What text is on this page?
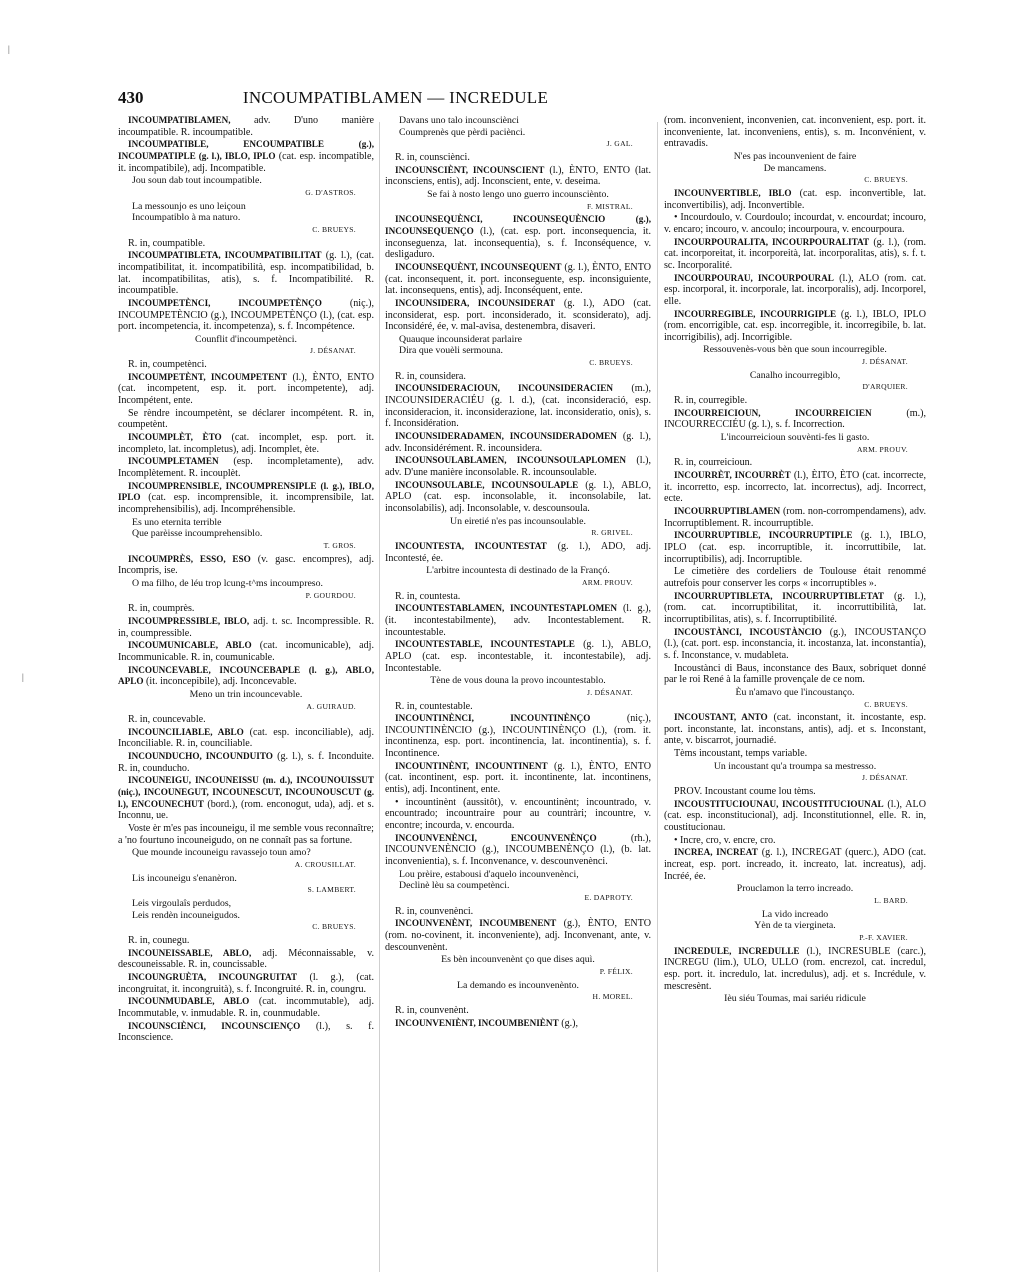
430	INCOUMPATIBLAMEN — INCREDULE
INCOUMPATIBLAMEN, adv. D'uno manière incoumpatible. R. incoumpatible.
INCOUMPATIBLE, ENCOUMPATIBLE (g.), INCOUMPATIPLE (g. l.), IBLO, IPLO (cat. esp. incompatible, it. incompatibile), adj. Incompatible.
Jou soun dab tout incoumpatible.
G. D'ASTROS.
La messounjo es uno leiçoun
Incoumpatiblo à ma naturo.
C. BRUEYS.
R. in, coumpatible.
INCOUMPATIBLETA, INCOUMPATIBILITAT (g. l.), (cat. incompatibilitat, it. incompatibilità, esp. incompatibilidad, b. lat. incompatibilitas, atis), s. f. Incompatibilité. R. incoumpatible.
INCOUMPETÈNCI, INCOUMPETÈNÇO (niç.), INCOUMPETÈNCIO (g.), INCOUMPETÈNÇO (l.), (cat. esp. port. incompetencia, it. incompetenza), s. f. Incompétence.
Counflit d'incoumpetènci.
J. DÉSANAT.
R. in, coumpetènci.
INCOUMPETÈNT, INCOUMPETENT (l.), ÈNTO, ENTO (cat. incompetent, esp. it. port. incompetente), adj. Incompétent, ente.
Se rèndre incoumpetènt, se déclarer incompétent. R. in, coumpetènt.
INCOUMPLÈT, ÈTO (cat. incomplet, esp. port. it. incompleto, lat. incompletus), adj. Incomplet, ète.
INCOUMPLETAMEN (esp. incompletamente), adv. Incomplètement. R. incouplèt.
INCOUMPRENSIBLE, INCOUMPRENSIPLE (l. g.), IBLO, IPLO (cat. esp. incomprensible, it. incomprensibile, lat. incomprehensibilis), adj. Incompréhensible.
Es uno eternita terrible
Que parèisse incoumprehensiblo.
T. GROS.
INCOUMPRÈS, ESSO, ESO (v. gasc. encompres), adj. Incompris, ise.
O ma filho, de léu trop lcung-t^ms incoumpreso.
P. GOURDOU.
R. in, coumprès.
INCOUMPRESSIBLE, IBLO, adj. t. sc. Incompressible. R. in, coumpressible.
INCOUMUNICABLE, ABLO (cat. incomunicable), adj. Incommunicable. R. in, coumunicable.
INCOUNCEVABLE, INCOUNCEBAPLE (l. g.), ABLO, APLO (it. inconcepibile), adj. Inconcevable.
Meno un trin incouncevable.
A. GUIRAUD.
R. in, councevable.
INCOUNCILIABLE, ABLO (cat. esp. inconciliable), adj. Inconciliable. R. in, counciliable.
INCOUNDUCHO, INCOUNDUITO (g. l.), s. f. Inconduite. R. in, counducho.
INCOUNEIGU, INCOUNEISSU (m. d.), INCOUNOUISSUT (niç.), INCOUNEGUT, INCOUNESCUT, INCOUNOUSCUT (g. l.), ENCOUNECHUT (bord.), (rom. enconogut, uda), adj. et s. Inconnu, ue.
Voste èr m'es pas incouneigu, il me semble vous reconnaître; a 'no fourtuno incouneigudo, on ne connaît pas sa fortune.
Que mounde incouneigu ravassejo toun amo?
A. CROUSILLAT.
Lis incouneigu s'enanèron.
S. LAMBERT.
Leis virgoulaîs perdudos,
Leis rendèn incouneigudos.
C. BRUEYS.
R. in, counegu.
INCOUNEISSABLE, ABLO, adj. Méconnaissable, v. descouneissable. R. in, councissable.
INCOUNGRUÈTA, INCOUNGRUITAT (l. g.), (cat. incongruitat, it. incongruità), s. f. Incongruité. R. in, coungru.
INCOUNMUDABLE, ABLO (cat. incommutable), adj. Incommutable, v. inmudable. R. in, counmudable.
INCOUNSCIÈNCI, INCOUNSCIENÇO (l.), s. f. Inconscience.
Davans uno talo incounsciènci
Coumprenès que pèrdi paciènci.
J. GAL.
R. in, counsciènci.
INCOUNSCIÈNT, INCOUNSCIENT (l.), ÈNTO, ENTO (lat. inconsciens, entis), adj. Inconscient, ente, v. deseima.
Se fai à nosto lengo uno guerro incounsciènto.
F. MISTRAL.
INCOUNSEQUÈNCI, INCOUNSEQUÈNCIO (g.), INCOUNSEQUENÇO (l.), (cat. esp. port. inconsequencia, it. inconseguenza, lat. inconsequentia), s. f. Inconséquence, v. desligaduro.
INCOUNSEQUÈNT, INCOUNSEQUENT (g. l.), ÈNTO, ENTO (cat. inconsequent, it. port. inconseguente, esp. inconsiguiente, lat. inconsequens, entis), adj. Inconséquent, ente.
INCOUNSIDERA, INCOUNSIDERAT (g. l.), ADO (cat. inconsiderat, esp. port. inconsiderado, it. sconsiderato), adj. Inconsidéré, ée, v. mal-avisa, destenembra, disaveri.
Quauque incounsiderat parlaire
Dira que vouèli sermouna.
C. BRUEYS.
R. in, counsidera.
INCOUNSIDERACIOUN, INCOUNSIDERACIEN (m.), INCOUNSIDERACIÉU (g. l. d.), (cat. inconsideració, esp. inconsideracion, it. inconsiderazione, lat. inconsideratio, onis), s. f. Inconsidération.
INCOUNSIDERADAMEN, INCOUNSIDERADOMEN (g. l.), adv. Inconsidérément. R. incounsidera.
INCOUNSOULABLAMEN, INCOUNSOULAPLOMEN (l.), adv. D'une manière inconsolable. R. incounsoulable.
INCOUNSOULABLE, INCOUNSOULAPLE (g. l.), ABLO, APLO (cat. esp. inconsolable, it. inconsolabile, lat. inconsolabilis), adj. Inconsolable, v. descounsoula.
Un eiretié n'es pas incounsoulable.
R. GRIVEL.
INCOUNTESTA, INCOUNTESTAT (g. l.), ADO, adj. Incontesté, ée.
L'arbitre incountesta di destinado de la Françó.
ARM. PROUV.
R. in, countesta.
INCOUNTESTABLAMEN, INCOUNTESTAPLOMEN (l. g.), (it. incontestabilmente), adv. Incontestablement. R. incountestable.
INCOUNTESTABLE, INCOUNTESTAPLE (g. l.), ABLO, APLO (cat. esp. incontestable, it. incontestabile), adj. Incontestable.
Tène de vous douna la provo incountestablo.
J. DÉSANAT.
R. in, countestable.
INCOUNTINÈNCI, INCOUNTINÈNÇO (niç.), INCOUNTINÈNCIO (g.), INCOUNTINÈNÇO (l.), (rom. it. incontinenza, esp. port. incontinencia, lat. incontinentia), s. f. Incontinence.
INCOUNTINÈNT, INCOUNTINENT (g. l.), ÈNTO, ENTO (cat. incontinent, esp. port. it. incontinente, lat. incontinens, entis), adj. Incontinent, ente.
• incountinènt (aussitôt), v. encountinènt; incountrado, v. encountrado; incountraire pour au countràri; incountre, v. encontre; incourda, v. encourda.
INCOUNVENÈNCI, ENCOUNVENÈNÇO (rh.), INCOUNVENÈNCIO (g.), INCOUMBENÈNÇO (l.), (b. lat. inconvenientia), s. f. Inconvenance, v. descounvenènci.
Lou prèire, estabousi d'aquelo incounvenènci,
Declinè lèu sa coumpetènci.
E. DAPROTY.
R. in, counvenènci.
INCOUNVENÈNT, INCOUMBENENT (g.), ÈNTO, ENTO (rom. no-covinent, it. inconveniente), adj. Inconvenant, ante, v. descounvenènt.
Es bèn incounvenènt ço que dises aquì.
P. FÉLIX.
La demando es incounvenènto.
H. MOREL.
R. in, counvenènt.
INCOUNVENIÈNT, INCOUMBENIÈNT (g.),
(rom. inconvenient, inconvenien, cat. inconvenient, esp. port. it. inconveniente, lat. inconveniens, entis), s. m. Inconvénient, v. entravadis.
N'es pas incounvenient de faire
De mancamens.
C. BRUEYS.
INCOUNVERTIBLE, IBLO (cat. esp. inconvertible, lat. inconvertibilis), adj. Inconvertible.
• Incourdoulo, v. Courdoulo; incourdat, v. encourdat; incouro, v. encaro; incouro, v. ancoulo; incourpoura, v. encourpoura.
INCOURPOURALITA, INCOURPOURALITAT (g. l.), (rom. cat. incorporeitat, it. incorporeità, lat. incorporalitas, atis), s. f. t. sc. Incorporalité.
INCOURPOURAU, INCOURPOURAL (l.), ALO (rom. cat. esp. incorporal, it. incorporale, lat. incorporalis), adj. Incorporel, elle.
INCOURREGIBLE, INCOURRIGIPLE (g. l.), IBLO, IPLO (rom. encorrigible, cat. esp. incorregible, it. incorregibile, b. lat. incorrigibilis), adj. Incorrigible.
Ressouvenès-vous bèn que soun incourregible.
J. DÉSANAT.
Canalho incourregiblo,
D'ARQUIER.
R. in, courregible.
INCOURREICIOUN, INCOURREICIEN (m.), INCOURRECCIÉU (g. l.), s. f. Incorrection.
L'incourreicioun souvènti-fes li gasto.
ARM. PROUV.
R. in, courreicioun.
INCOURRÈT, INCOURRÈT (l.), ÈITO, ÈTO (cat. incorrecte, it. incorretto, esp. incorrecto, lat. incorrectus), adj. Incorrect, ecte.
INCOURRUPTIBLAMEN (rom. non-corrompendamens), adv. Incorruptiblement. R. incourruptible.
INCOURRUPTIBLE, INCOURRUPTIPLE (g. l.), IBLO, IPLO (cat. esp. incorruptible, it. incorruttibile, lat. incorruptibilis), adj. Incorruptible.
Le cimetière des cordeliers de Toulouse était renommé autrefois pour conserver les corps « incorruptibles ».
INCOURRUPTIBLETA, INCOURRUPTIBLETAT (g. l.), (rom. cat. incorruptibilitat, it. incorruttibilità, lat. incorruptibilitas, atis), s. f. Incorruptibilité.
INCOUSTÀNCI, INCOUSTÀNCIO (g.), INCOUSTANÇO (l.), (cat. port. esp. inconstancia, it. incostanza, lat. inconstantia), s. f. Inconstance, v. mudableta.
Incoustànci di Baus, inconstance des Baux, sobriquet donné par le roi René à la famille provençale de ce nom.
Èu n'amavo que l'incoustanço.
C. BRUEYS.
INCOUSTANT, ANTO (cat. inconstant, it. incostante, esp. port. inconstante, lat. inconstans, antis), adj. et s. Inconstant, ante, v. biscarrot, journadié.
Tèms incoustant, temps variable.
Un incoustant qu'a troumpa sa mestresso.
J. DÉSANAT.
PROV. Incoustant coume lou tèms.
INCOUSTITUCIOUNAU, INCOUSTITUCIOUNAL (l.), ALO (cat. esp. inconstitucional), adj. Inconstitutionnel, elle. R. in, coustitucionau.
• Incre, cro, v. encre, cro.
INCREA, INCREAT (g. l.), INCREGAT (querc.), ADO (cat. increat, esp. port. increado, it. increato, lat. increatus), adj. Incréé, ée.
Prouclamon la terro increado.
L. BARD.
La vido increado
Yèn de ta viergineta.
P.-F. XAVIER.
INCREDULE, INCREDULLE (l.), INCRESUBLE (carc.), INCREGU (lim.), ULO, ULLO (rom. encrezol, cat. incredul, esp. port. it. incredulo, lat. incredulus), adj. et s. Incrédule, v. mescresènt.
Ièu siéu Toumas, mai sariéu ridicule
|
|
